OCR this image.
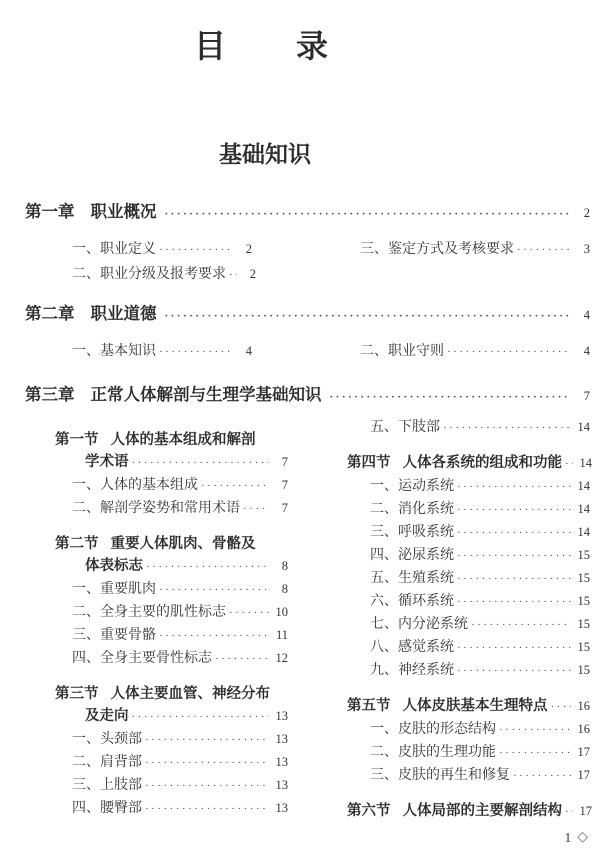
目　　录
基础知识
第一章 职业概况 ·····	2
一、职业定义 ·····	2
二、职业分级及报考要求 ·····	2
三、鉴定方式及考核要求 ·····	3
第二章 职业道德 ·····	4
一、基本知识 ·····	4	二、职业守则 ·····	4
第三章 正常人体解剖与生理学基础知识 ·····	7
第一节 人体的基本组成和解剖
学术语 ·····	7
一、人体的基本组成 ·····	7
二、解剖学姿势和常用术语 ·····	7
第二节 重要人体肌肉、骨骼及
体表标志 ·····	8
一、重要肌肉 ·····	8
二、全身主要的肌性标志 ·····	10
三、重要骨骼 ·····	11
四、全身主要骨性标志 ·····	12
第三节 人体主要血管、神经分布
及走向 ·····	13
一、头颈部 ·····	13
二、肩背部 ·····	13
三、上肢部 ·····	13
四、腰臀部 ·····	13
五、下肢部 ·····	14
第四节 人体各系统的组成和功能 ····· 14
一、运动系统 ·····	14
二、消化系统 ·····	14
三、呼吸系统 ·····	14
四、泌尿系统 ·····	15
五、生殖系统 ·····	15
六、循环系统 ·····	15
七、内分泌系统 ·····	15
八、感觉系统 ·····	15
九、神经系统 ·····	15
第五节 人体皮肤基本生理特点 ····· 16
一、皮肤的形态结构 ·····	16
二、皮肤的生理功能 ·····	17
三、皮肤的再生和修复 ·····	17
第六节 人体局部的主要解剖结构 ····· 17
1 ◇
